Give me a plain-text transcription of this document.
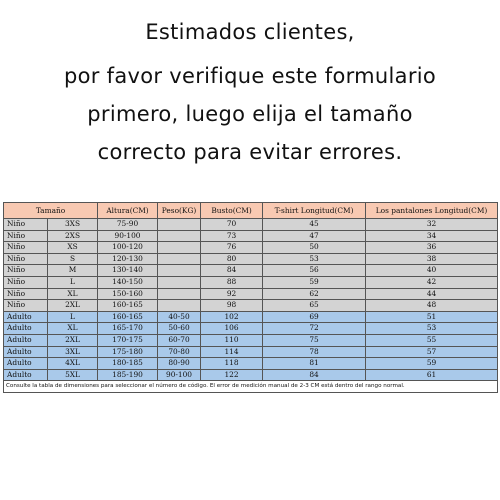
Estimados clientes,
por favor verifique este formulario
primero, luego elija el tamaño
correcto para evitar errores.
Tamaño		Altura(CM)	Peso(KG)	Busto(CM)	T-shirt Longitud(CM)	Los pantalones Longitud(CM)
Niño	3XS	75-90		70	45	32
Niño	2XS	90-100		73	47	34
Niño	XS	100-120		76	50	36
Niño	S	120-130		80	53	38
Niño	M	130-140		84	56	40
Niño	L	140-150		88	59	42
Niño	XL	150-160		92	62	44
Niño	2XL	160-165		98	65	48
Adulto	L	160-165	40-50	102	69	51
Adulto	XL	165-170	50-60	106	72	53
Adulto	2XL	170-175	60-70	110	75	55
Adulto	3XL	175-180	70-80	114	78	57
Adulto	4XL	180-185	80-90	118	81	59
Adulto	5XL	185-190	90-100	122	84	61
Consulte la tabla de dimensiones para seleccionar el número de código. El error de medición manual de 2-3 CM está dentro del rango normal.						
